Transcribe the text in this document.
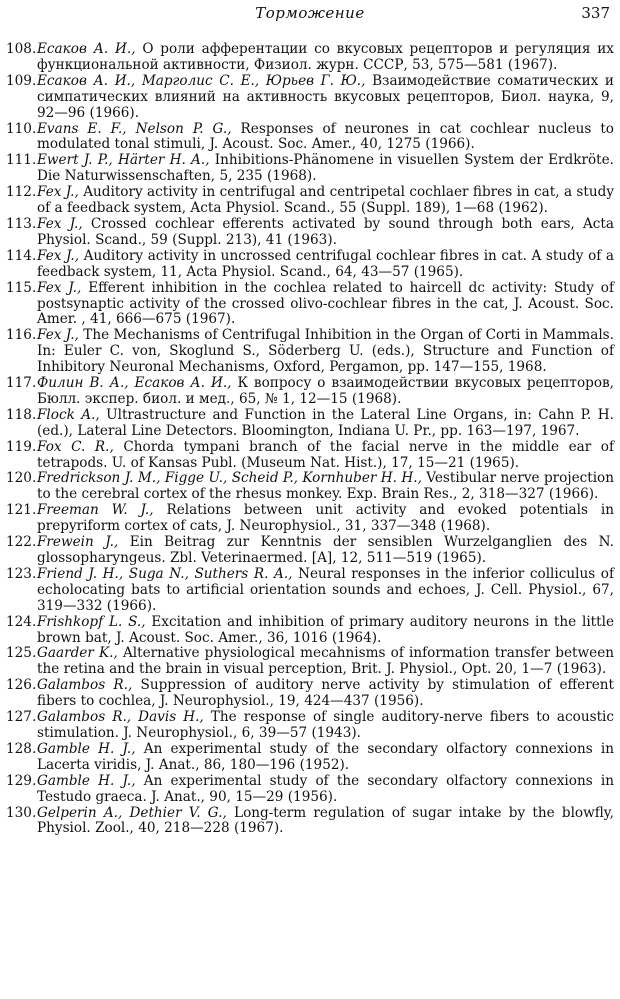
Торможение	337
108. Есаков А. И., О роли афферентации со вкусовых рецепторов и регуляция их функциональной активности, Физиол. журн. СССР, 53, 575—581 (1967).
109. Есаков А. И., Марголис С. Е., Юрьев Г. Ю., Взаимодействие соматических и симпатических влияний на активность вкусовых рецепторов, Биол. наука, 9, 92—96 (1966).
110. Evans E. F., Nelson P. G., Responses of neurones in cat cochlear nucleus to modulated tonal stimuli, J. Acoust. Soc. Amer., 40, 1275 (1966).
111. Ewert J. P., Härter H. A., Inhibitions-Phänomene in visuellen System der Erdkröte. Die Naturwissenschaften, 5, 235 (1968).
112. Fex J., Auditory activity in centrifugal and centripetal cochlaer fibres in cat, a study of a feedback system, Acta Physiol. Scand., 55 (Suppl. 189), 1—68 (1962).
113. Fex J., Crossed cochlear efferents activated by sound through both ears, Acta Physiol. Scand., 59 (Suppl. 213), 41 (1963).
114. Fex J., Auditory activity in uncrossed centrifugal cochlear fibres in cat. A study of a feedback system, 11, Acta Physiol. Scand., 64, 43—57 (1965).
115. Fex J., Efferent inhibition in the cochlea related to haircell dc activity: Study of postsynaptic activity of the crossed olivo-cochlear fibres in the cat, J. Acoust. Soc. Amer. , 41, 666—675 (1967).
116. Fex J., The Mechanisms of Centrifugal Inhibition in the Organ of Corti in Mammals. In: Euler C. von, Skoglund S., Söderberg U. (eds.), Structure and Function of Inhibitory Neuronal Mechanisms, Oxford, Pergamon, pp. 147—155, 1968.
117. Филин В. А., Есаков А. И., К вопросу о взаимодействии вкусовых рецепторов, Бюлл. экспер. биол. и мед., 65, № 1, 12—15 (1968).
118. Flock A., Ultrastructure and Function in the Lateral Line Organs, in: Cahn P. H. (ed.), Lateral Line Detectors. Bloomington, Indiana U. Pr., pp. 163—197, 1967.
119. Fox C. R., Chorda tympani branch of the facial nerve in the middle ear of tetrapods. U. of Kansas Publ. (Museum Nat. Hist.), 17, 15—21 (1965).
120. Fredrickson J. M., Figge U., Scheid P., Kornhuber H. H., Vestibular nerve projection to the cerebral cortex of the rhesus monkey. Exp. Brain Res., 2, 318—327 (1966).
121. Freeman W. J., Relations between unit activity and evoked potentials in prepyriform cortex of cats, J. Neurophysiol., 31, 337—348 (1968).
122. Frewein J., Ein Beitrag zur Kenntnis der sensiblen Wurzelganglien des N. glossopharyngeus. Zbl. Veterinaermed. [A], 12, 511—519 (1965).
123. Friend J. H., Suga N., Suthers R. A., Neural responses in the inferior colliculus of echolocating bats to artificial orientation sounds and echoes, J. Cell. Physiol., 67, 319—332 (1966).
124. Frishkopf L. S., Excitation and inhibition of primary auditory neurons in the little brown bat, J. Acoust. Soc. Amer., 36, 1016 (1964).
125. Gaarder K., Alternative physiological mecahnisms of information transfer between the retina and the brain in visual perception, Brit. J. Physiol., Opt. 20, 1—7 (1963).
126. Galambos R., Suppression of auditory nerve activity by stimulation of efferent fibers to cochlea, J. Neurophysiol., 19, 424—437 (1956).
127. Galambos R., Davis H., The response of single auditory-nerve fibers to acoustic stimulation. J. Neurophysiol., 6, 39—57 (1943).
128. Gamble H. J., An experimental study of the secondary olfactory connexions in Lacerta viridis, J. Anat., 86, 180—196 (1952).
129. Gamble H. J., An experimental study of the secondary olfactory connexions in Testudo graeca. J. Anat., 90, 15—29 (1956).
130. Gelperin A., Dethier V. G., Long-term regulation of sugar intake by the blowfly, Physiol. Zool., 40, 218—228 (1967).
